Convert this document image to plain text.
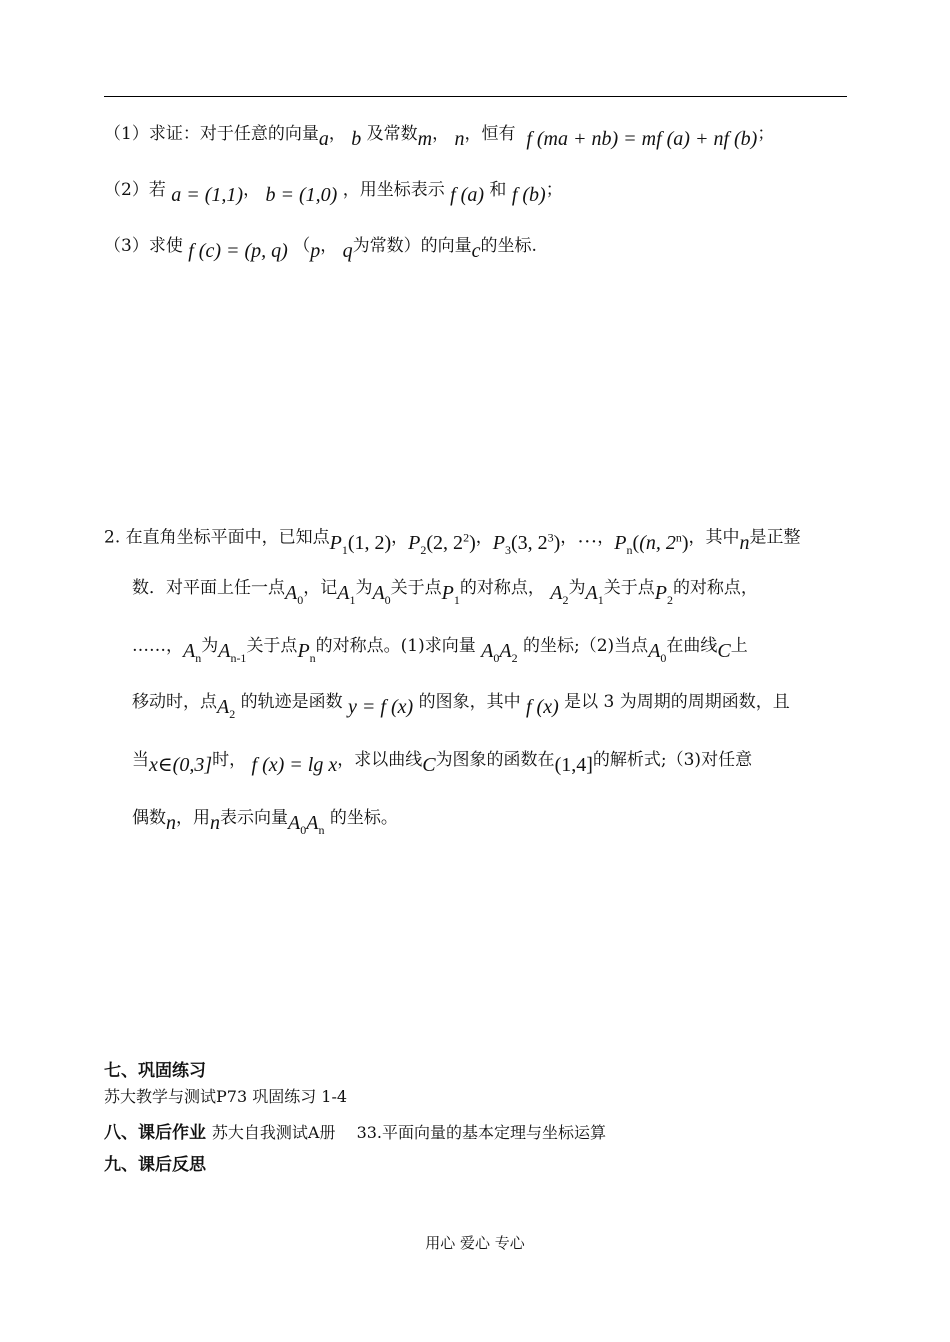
（1）求证：对于任意的向量a， b 及常数m， n，恒有 f (ma + nb) = mf (a) + nf (b)；
（2）若 a = (1,1)， b = (1,0) ，用坐标表示 f (a) 和 f (b)；
（3）求使 f (c) = (p, q) （p， q为常数）的向量c的坐标.
2. 在直角坐标平面中，已知点$P_1(1$, 2)，$P_2(2$, $2^2$)，$P_3(3$, $2^3$)，…，$P_n((n$, 2$^n$)，其中n是正整
数．对平面上任一点$A_0$，记$A_1$为$A_0$关于点$P_1$的对称点， $A_2$为$A_1$关于点$P_2$的对称点，
……，$A_n$为$A_{n-1}$关于点$P_n$的对称点。(1)求向量 $A_0A_2$ 的坐标;（2)当点$A_0$在曲线C上
移动时，点$A_2$ 的轨迹是函数 y = f (x) 的图象，其中 f (x) 是以 3 为周期的周期函数，且
当x∈(0,3]时， f (x) = lg x，求以曲线C为图象的函数在(1,4]的解析式;（3)对任意
偶数n，用n表示向量$A_0A_n$ 的坐标。
七、巩固练习
苏大教学与测试P73 巩固练习 1-4
八、课后作业 苏大自我测试A册　 33.平面向量的基本定理与坐标运算
九、课后反思
用心 爱心 专心
